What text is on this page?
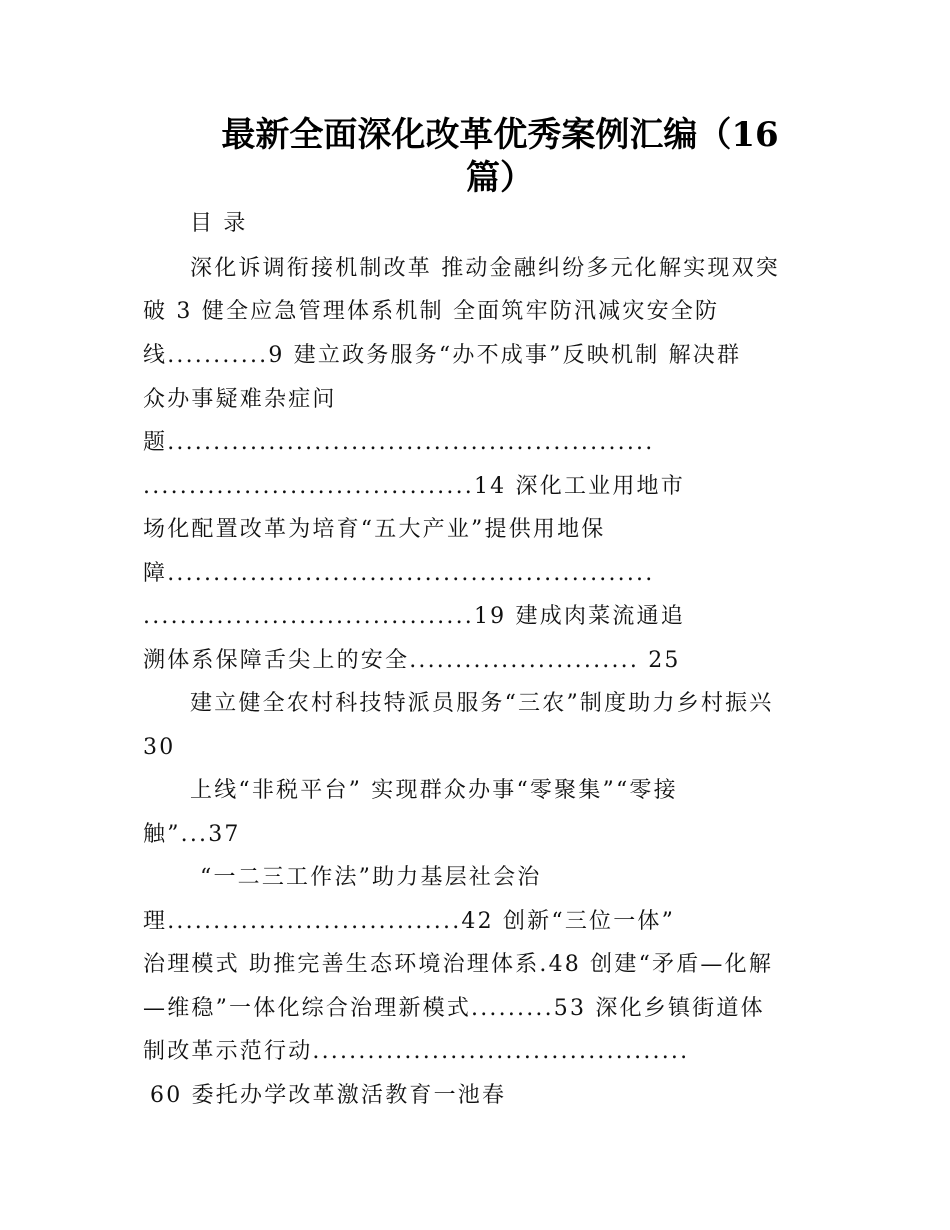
最新全面深化改革优秀案例汇编（16
篇）
目 录
深化诉调衔接机制改革 推动金融纠纷多元化解实现双突
破 3 健全应急管理体系机制 全面筑牢防汛减灾安全防
线...........9 建立政务服务“办不成事”反映机制 解决群
众办事疑难杂症问
题.....................................................
....................................14 深化工业用地市
场化配置改革为培育“五大产业”提供用地保
障.....................................................
....................................19 建成肉菜流通追
溯体系保障舌尖上的安全......................... 25
建立健全农村科技特派员服务“三农”制度助力乡村振兴
30
上线“非税平台” 实现群众办事“零聚集”“零接
触”...37
“一二三工作法”助力基层社会治
理................................42 创新“三位一体”
治理模式 助推完善生态环境治理体系.48 创建“矛盾—化解
—维稳”一体化综合治理新模式.........53 深化乡镇街道体
制改革示范行动.........................................
60 委托办学改革激活教育一池春
